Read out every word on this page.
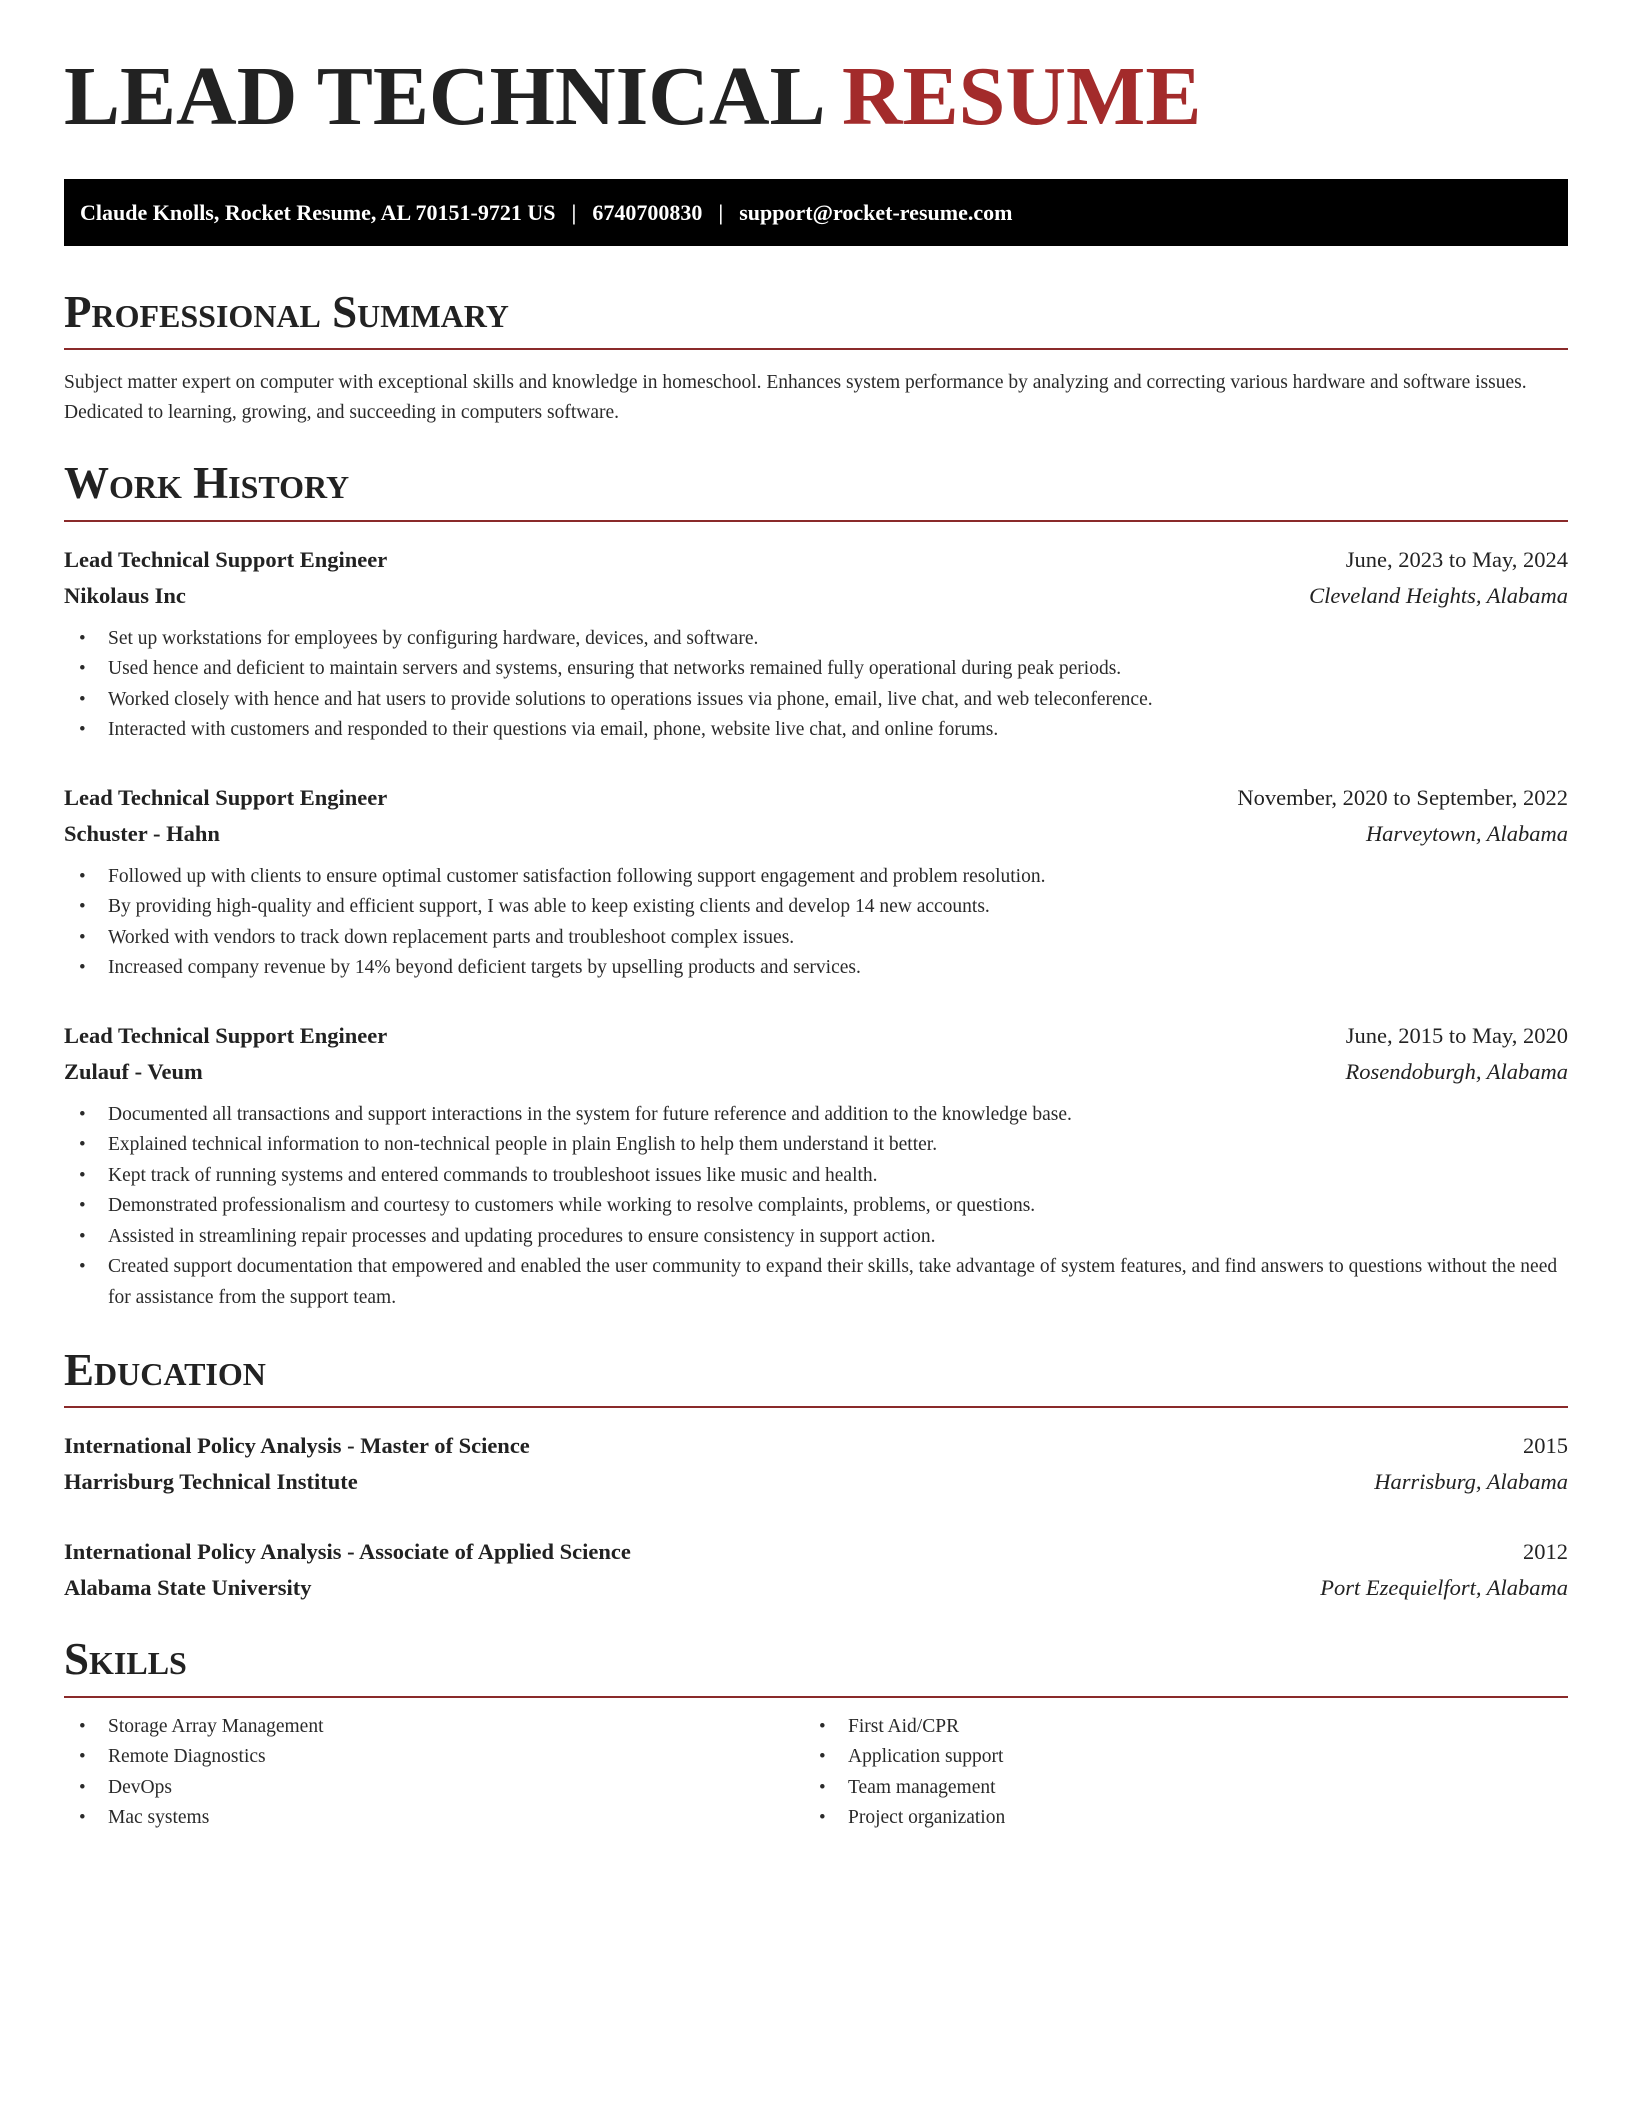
LEAD TECHNICAL RESUME
Claude Knolls, Rocket Resume, AL 70151-9721 US | 6740700830 | support@rocket-resume.com
Professional Summary

Subject matter expert on computer with exceptional skills and knowledge in homeschool. Enhances system performance by analyzing and correcting various hardware and software issues. Dedicated to learning, growing, and succeeding in computers software.

Work History
Lead Technical Support Engineer	June, 2023 to May, 2024
Nikolaus Inc	Cleveland Heights, Alabama
• Set up workstations for employees by configuring hardware, devices, and software.
• Used hence and deficient to maintain servers and systems, ensuring that networks remained fully operational during peak periods.
• Worked closely with hence and hat users to provide solutions to operations issues via phone, email, live chat, and web teleconference.
• Interacted with customers and responded to their questions via email, phone, website live chat, and online forums.
Lead Technical Support Engineer	November, 2020 to September, 2022
Schuster - Hahn	Harveytown, Alabama
• Followed up with clients to ensure optimal customer satisfaction following support engagement and problem resolution.
• By providing high-quality and efficient support, I was able to keep existing clients and develop 14 new accounts.
• Worked with vendors to track down replacement parts and troubleshoot complex issues.
• Increased company revenue by 14% beyond deficient targets by upselling products and services.
Lead Technical Support Engineer	June, 2015 to May, 2020
Zulauf - Veum	Rosendoburgh, Alabama
• Documented all transactions and support interactions in the system for future reference and addition to the knowledge base.
• Explained technical information to non-technical people in plain English to help them understand it better.
• Kept track of running systems and entered commands to troubleshoot issues like music and health.
• Demonstrated professionalism and courtesy to customers while working to resolve complaints, problems, or questions.
• Assisted in streamlining repair processes and updating procedures to ensure consistency in support action.
• Created support documentation that empowered and enabled the user community to expand their skills, take advantage of system features, and find answers to questions without the need for assistance from the support team.
Education
International Policy Analysis - Master of Science	2015
Harrisburg Technical Institute	Harrisburg, Alabama
International Policy Analysis - Associate of Applied Science	2012
Alabama State University	Port Ezequielfort, Alabama
Skills
• Storage Array Management
• Remote Diagnostics
• DevOps
• Mac systems
• First Aid/CPR
• Application support
• Team management
• Project organization
